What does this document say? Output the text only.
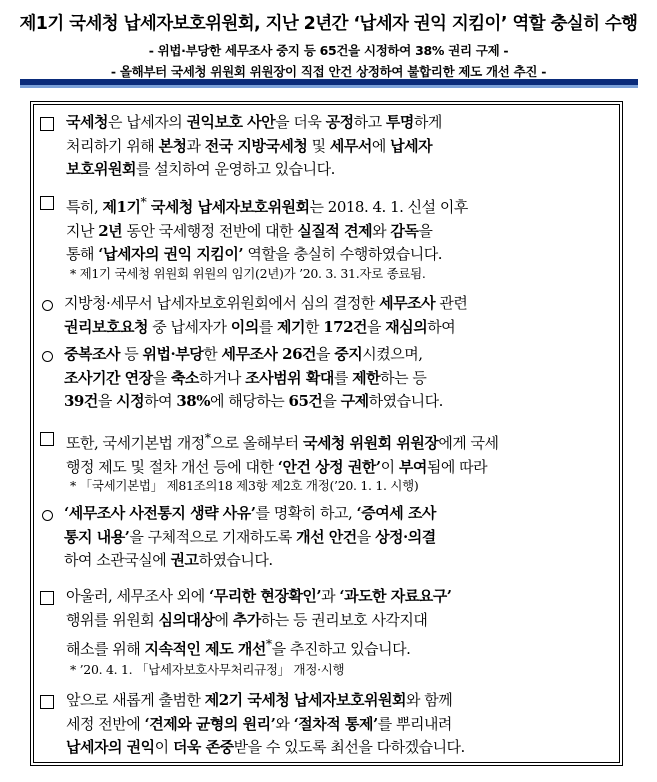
제1기 국세청 납세자보호위원회, 지난 2년간 ‘납세자 권익 지킴이’ 역할 충실히 수행
- 위법·부당한 세무조사 중지 등 65건을 시정하여 38% 권리 구제 -
- 올해부터 국세청 위원회 위원장이 직접 안건 상정하여 불합리한 제도 개선 추진 -
국세청은 납세자의 권익보호 사안을 더욱 공정하고 투명하게
처리하기 위해 본청과 전국 지방국세청 및 세무서에 납세자
보호위원회를 설치하여 운영하고 있습니다.
특히, 제1기* 국세청 납세자보호위원회는 2018. 4. 1. 신설 이후
지난 2년 동안 국세행정 전반에 대한 실질적 견제와 감독을
통해 ‘납세자의 권익 지킴이’ 역할을 충실히 수행하였습니다.
* 제1기 국세청 위원회 위원의 임기(2년)가 ’20. 3. 31.자로 종료됨.
지방청·세무서 납세자보호위원회에서 심의 결정한 세무조사 관련
권리보호요청 중 납세자가 이의를 제기한 172건을 재심의하여
중복조사 등 위법·부당한 세무조사 26건을 중지시켰으며,
조사기간 연장을 축소하거나 조사범위 확대를 제한하는 등
39건을 시정하여 38%에 해당하는 65건을 구제하였습니다.
또한, 국세기본법 개정*으로 올해부터 국세청 위원회 위원장에게 국세
행정 제도 및 절차 개선 등에 대한 ‘안건 상정 권한’이 부여됨에 따라
* 「국세기본법」 제81조의18 제3항 제2호 개정(’20. 1. 1. 시행)
‘세무조사 사전통지 생략 사유’를 명확히 하고, ‘증여세 조사
통지 내용’을 구체적으로 기재하도록 개선 안건을 상정·의결
하여 소관국실에 권고하였습니다.
아울러, 세무조사 외에 ‘무리한 현장확인’과 ‘과도한 자료요구’
행위를 위원회 심의대상에 추가하는 등 권리보호 사각지대
해소를 위해 지속적인 제도 개선*을 추진하고 있습니다.
* ’20. 4. 1. 「납세자보호사무처리규정」 개정·시행
앞으로 새롭게 출범한 제2기 국세청 납세자보호위원회와 함께
세정 전반에 ‘견제와 균형의 원리’와 ‘절차적 통제’를 뿌리내려
납세자의 권익이 더욱 존중받을 수 있도록 최선을 다하겠습니다.
